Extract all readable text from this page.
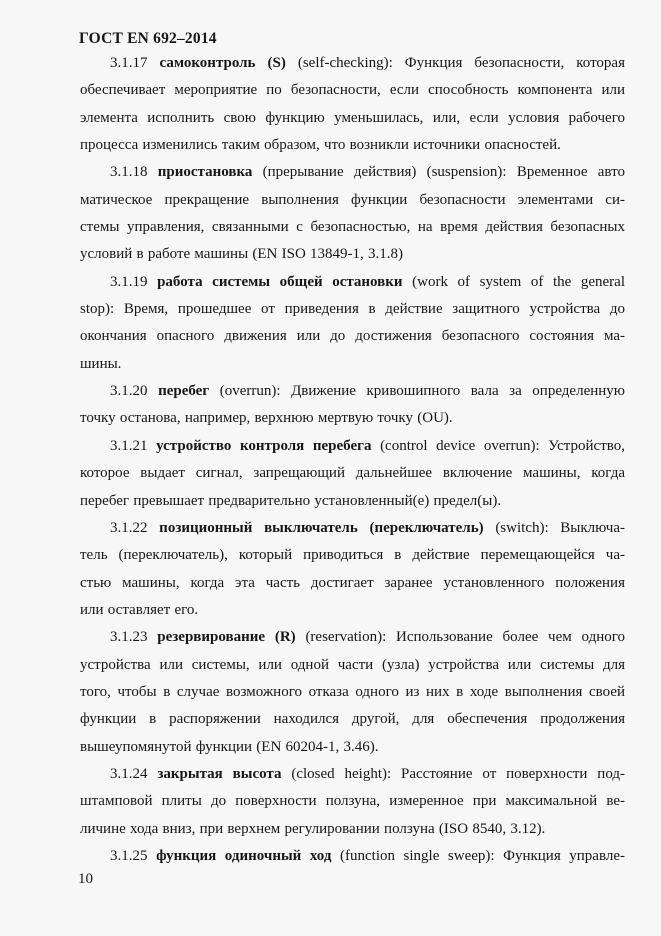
ГОСТ EN 692–2014
3.1.17 самоконтроль (S) (self-checking): Функция безопасности, которая
обеспечивает мероприятие по безопасности, если способность компонента или
элемента исполнить свою функцию уменьшилась, или, если условия рабочего
процесса изменились таким образом, что возникли источники опасностей.
3.1.18 приостановка (прерывание действия) (suspension): Временное авто
матическое прекращение выполнения функции безопасности элементами си-
стемы управления, связанными с безопасностью, на время действия безопасных
условий в работе машины (EN ISO 13849-1, 3.1.8)
3.1.19 работа системы общей остановки (work of system of the general
stop): Время, прошедшее от приведения в действие защитного устройства до
окончания опасного движения или до достижения безопасного состояния ма-
шины.
3.1.20 перебег (overrun): Движение кривошипного вала за определенную
точку останова, например, верхнюю мертвую точку (OU).
3.1.21 устройство контроля перебега (control device overrun): Устройство,
которое выдает сигнал, запрещающий дальнейшее включение машины, когда
перебег превышает предварительно установленный(е) предел(ы).
3.1.22 позиционный выключатель (переключатель) (switch): Выключа-
тель (переключатель), который приводиться в действие перемещающейся ча-
стью машины, когда эта часть достигает заранее установленного положения
или оставляет его.
3.1.23 резервирование (R) (reservation): Использование более чем одного
устройства или системы, или одной части (узла) устройства или системы для
того, чтобы в случае возможного отказа одного из них в ходе выполнения своей
функции в распоряжении находился другой, для обеспечения продолжения
вышеупомянутой функции (EN 60204-1, 3.46).
3.1.24 закрытая высота (closed height): Расстояние от поверхности под-
штамповой плиты до поверхности ползуна, измеренное при максимальной ве-
личине хода вниз, при верхнем регулировании ползуна (ISO 8540, 3.12).
3.1.25 функция одиночный ход (function single sweep): Функция управле-
10
